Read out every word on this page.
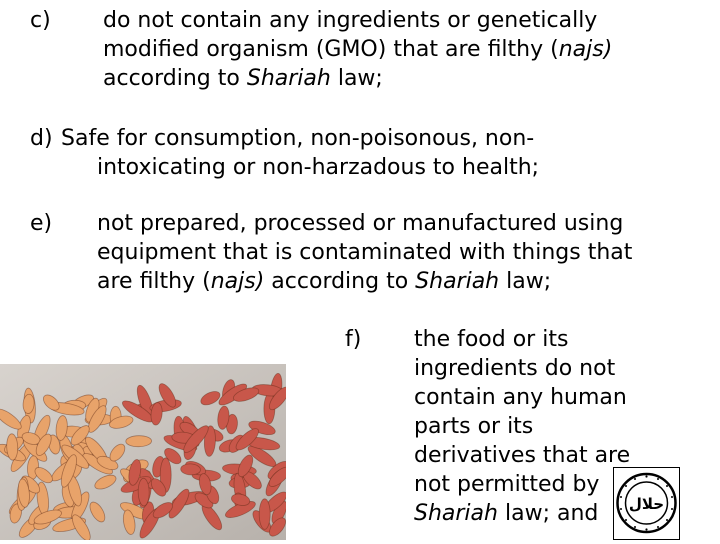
c) do not contain any ingredients or genetically
modified organism (GMO) that are filthy (najs)
according to Shariah law;
d) Safe for consumption, non-poisonous, non-
intoxicating or non-harzadous to health;
e) not prepared, processed or manufactured using
equipment that is contaminated with things that
are filthy (najs) according to Shariah law;
f) the food or its
ingredients do not
contain any human
parts or its
derivatives that are
not permitted by
Shariah law; and حلال
